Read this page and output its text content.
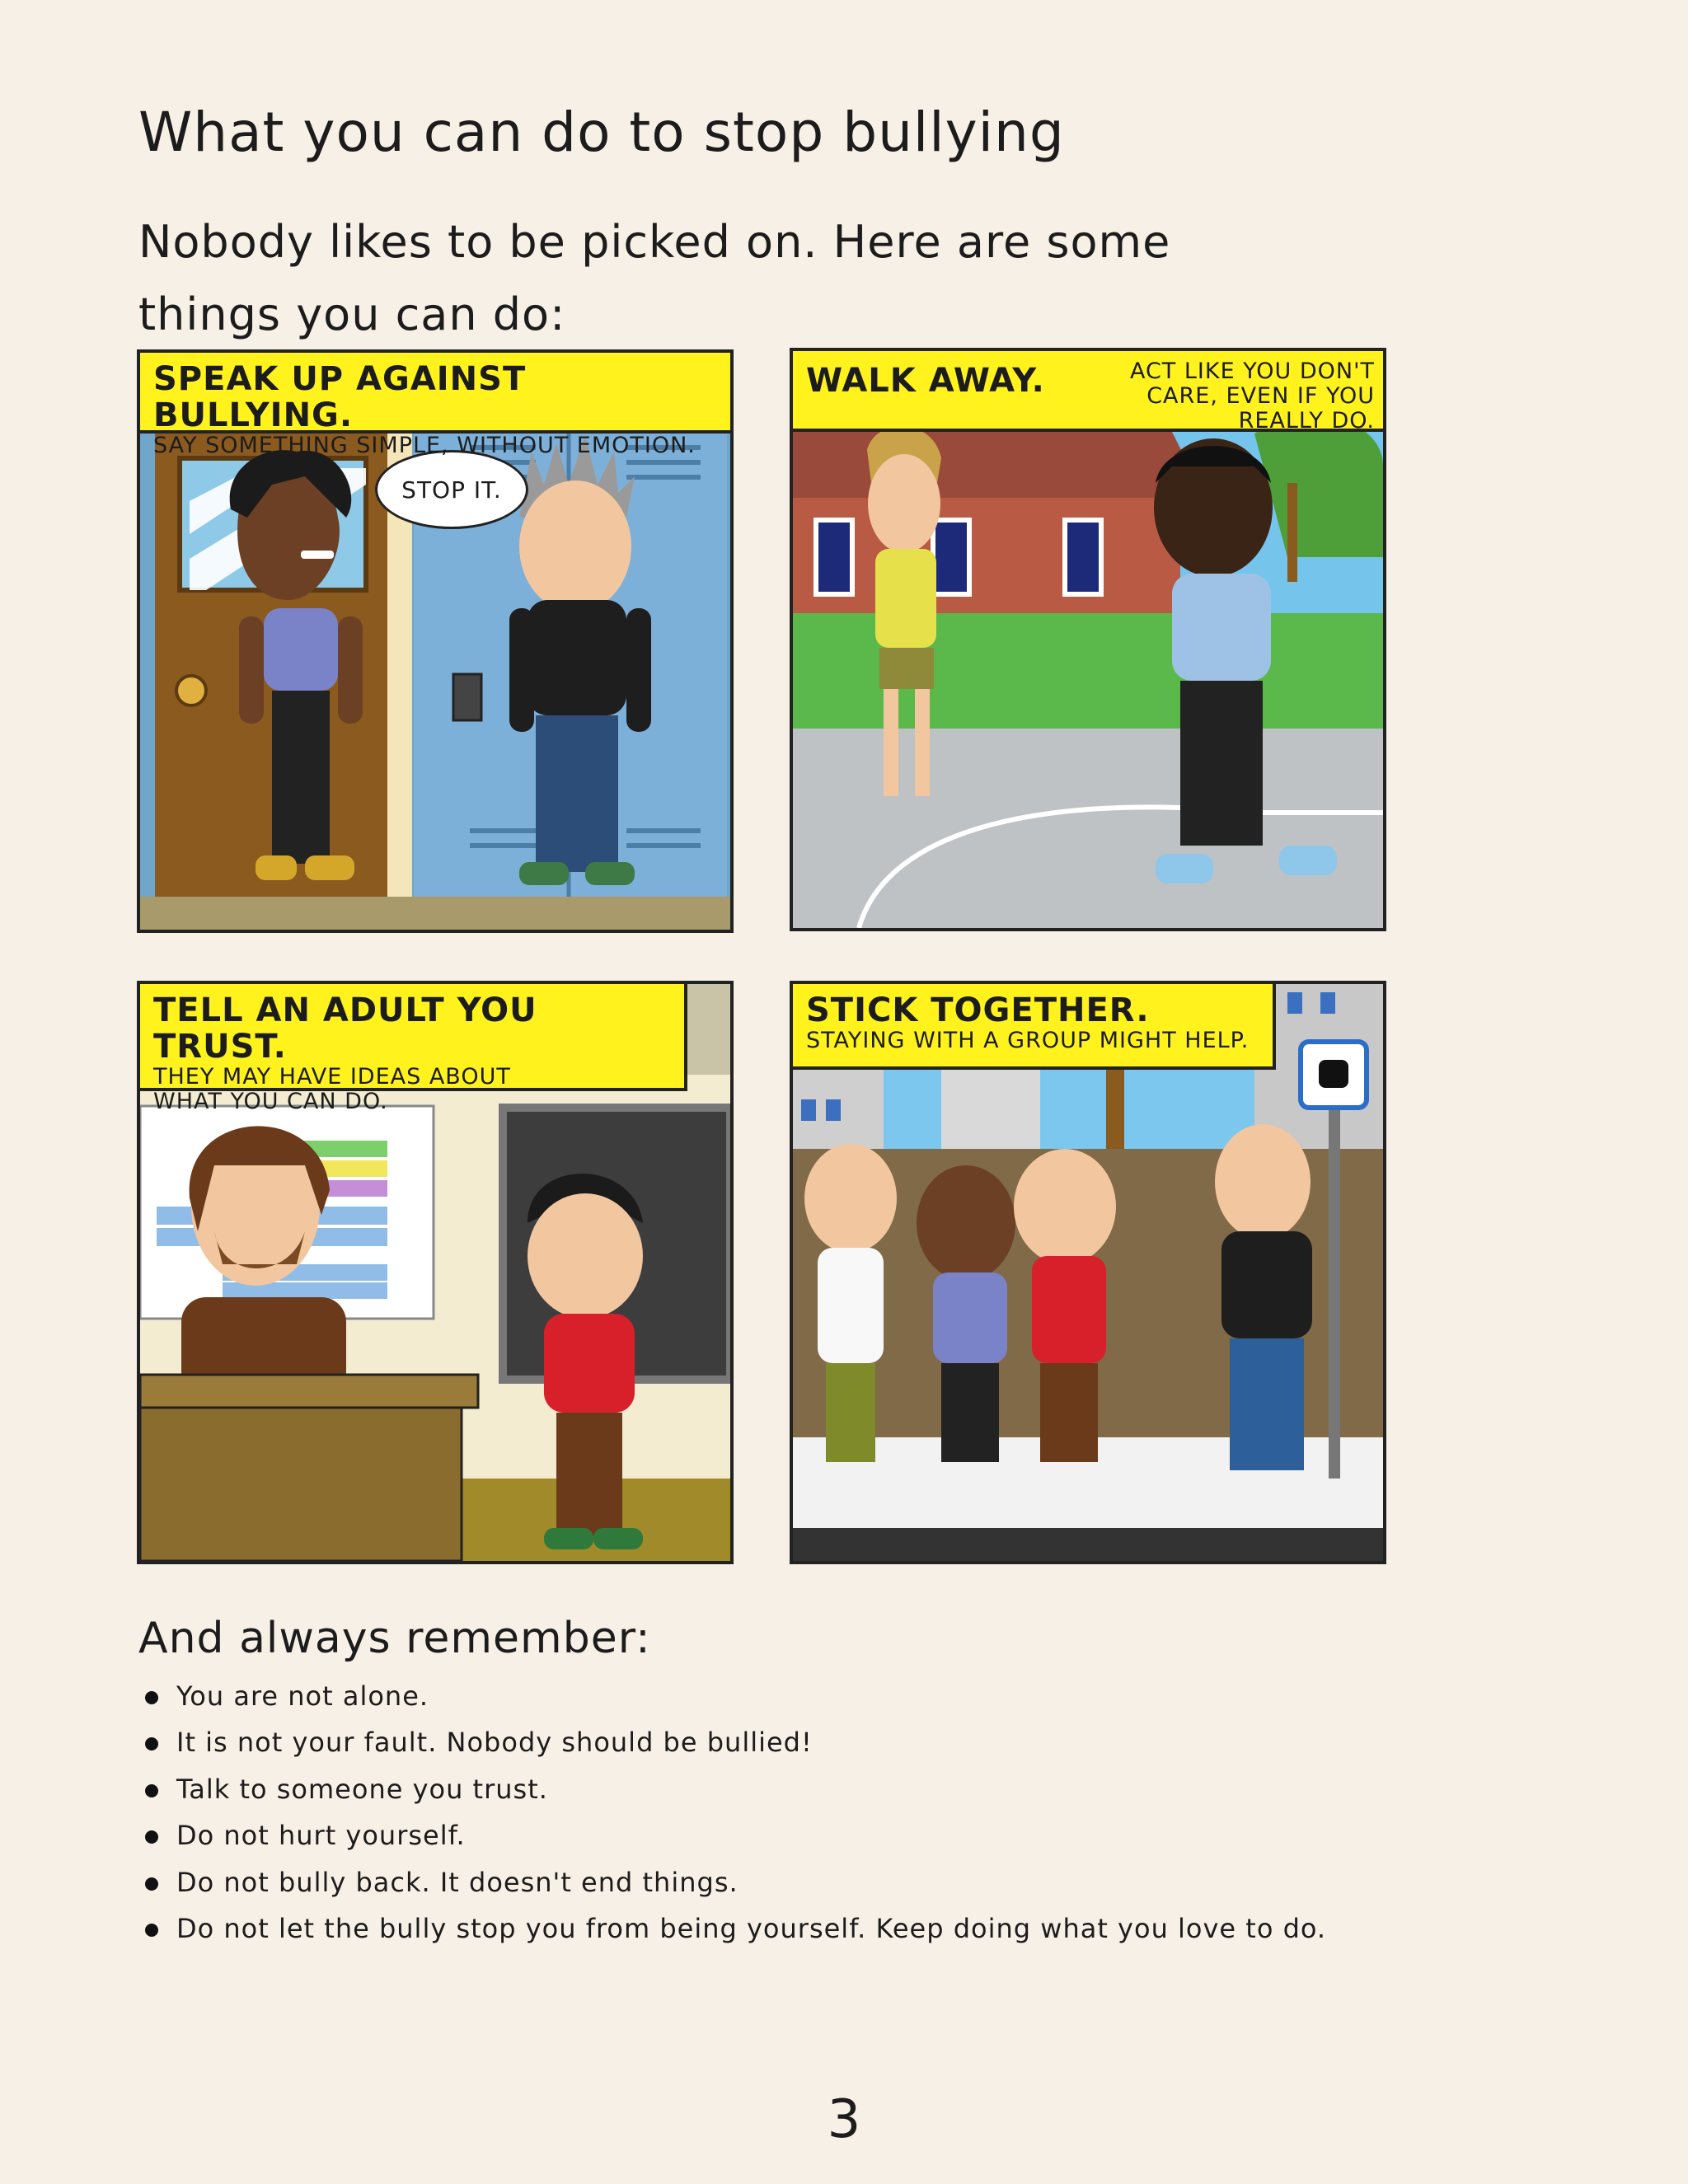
What you can do to stop bullying
Nobody likes to be picked on. Here are some things you can do:
SPEAK UP AGAINST BULLYING.
SAY SOMETHING SIMPLE, WITHOUT EMOTION.
STOP IT.
WALK AWAY.	ACT LIKE YOU DON'T CARE, EVEN IF YOU REALLY DO.
TELL AN ADULT YOU TRUST.
THEY MAY HAVE IDEAS ABOUT WHAT YOU CAN DO.
STICK TOGETHER.
STAYING WITH A GROUP MIGHT HELP.
And always remember:
You are not alone.
It is not your fault. Nobody should be bullied!
Talk to someone you trust.
Do not hurt yourself.
Do not bully back. It doesn't end things.
Do not let the bully stop you from being yourself. Keep doing what you love to do.
3
